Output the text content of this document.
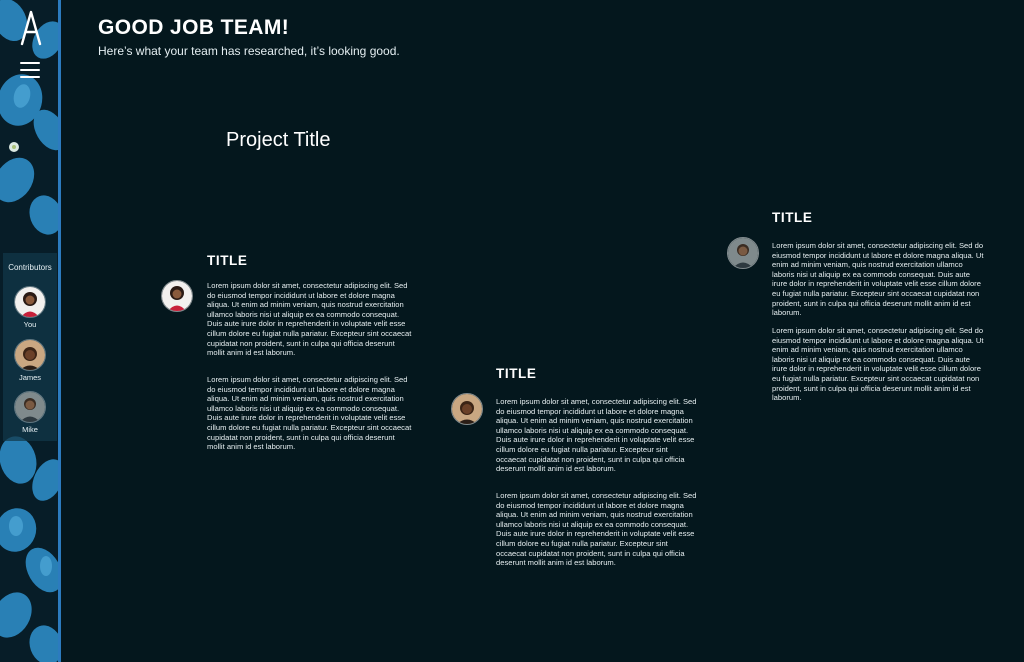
Contributors
You
James
Mike
GOOD JOB TEAM!
Here’s what your team has researched, it’s looking good.
Project Title
TITLE
Lorem ipsum dolor sit amet, consectetur adipiscing elit. Sed do eiusmod tempor incididunt ut labore et dolore magna aliqua. Ut enim ad minim veniam, quis nostrud exercitation ullamco laboris nisi ut aliquip ex ea commodo consequat. Duis aute irure dolor in reprehenderit in voluptate velit esse cillum dolore eu fugiat nulla pariatur. Excepteur sint occaecat cupidatat non proident, sunt in culpa qui officia deserunt mollit anim id est laborum.
Lorem ipsum dolor sit amet, consectetur adipiscing elit. Sed do eiusmod tempor incididunt ut labore et dolore magna aliqua. Ut enim ad minim veniam, quis nostrud exercitation ullamco laboris nisi ut aliquip ex ea commodo consequat. Duis aute irure dolor in reprehenderit in voluptate velit esse cillum dolore eu fugiat nulla pariatur. Excepteur sint occaecat cupidatat non proident, sunt in culpa qui officia deserunt mollit anim id est laborum.
TITLE
Lorem ipsum dolor sit amet, consectetur adipiscing elit. Sed do eiusmod tempor incididunt ut labore et dolore magna aliqua. Ut enim ad minim veniam, quis nostrud exercitation ullamco laboris nisi ut aliquip ex ea commodo consequat. Duis aute irure dolor in reprehenderit in voluptate velit esse cillum dolore eu fugiat nulla pariatur. Excepteur sint occaecat cupidatat non proident, sunt in culpa qui officia deserunt mollit anim id est laborum.
Lorem ipsum dolor sit amet, consectetur adipiscing elit. Sed do eiusmod tempor incididunt ut labore et dolore magna aliqua. Ut enim ad minim veniam, quis nostrud exercitation ullamco laboris nisi ut aliquip ex ea commodo consequat. Duis aute irure dolor in reprehenderit in voluptate velit esse cillum dolore eu fugiat nulla pariatur. Excepteur sint occaecat cupidatat non proident, sunt in culpa qui officia deserunt mollit anim id est laborum.
TITLE
Lorem ipsum dolor sit amet, consectetur adipiscing elit. Sed do eiusmod tempor incididunt ut labore et dolore magna aliqua. Ut enim ad minim veniam, quis nostrud exercitation ullamco laboris nisi ut aliquip ex ea commodo consequat. Duis aute irure dolor in reprehenderit in voluptate velit esse cillum dolore eu fugiat nulla pariatur. Excepteur sint occaecat cupidatat non proident, sunt in culpa qui officia deserunt mollit anim id est laborum.
Lorem ipsum dolor sit amet, consectetur adipiscing elit. Sed do eiusmod tempor incididunt ut labore et dolore magna aliqua. Ut enim ad minim veniam, quis nostrud exercitation ullamco laboris nisi ut aliquip ex ea commodo consequat. Duis aute irure dolor in reprehenderit in voluptate velit esse cillum dolore eu fugiat nulla pariatur. Excepteur sint occaecat cupidatat non proident, sunt in culpa qui officia deserunt mollit anim id est laborum.
